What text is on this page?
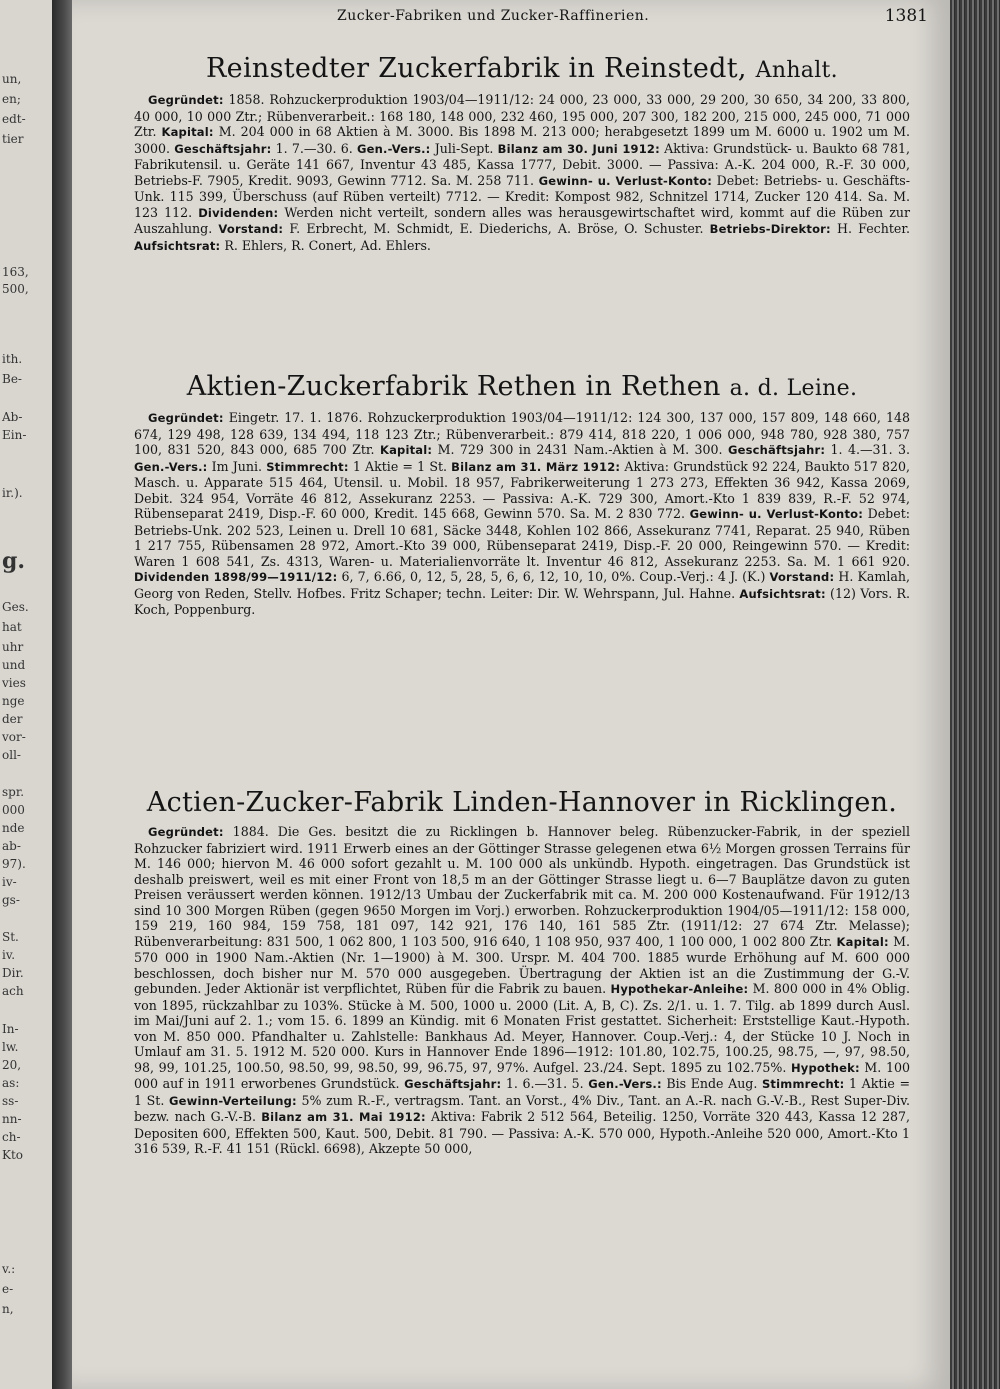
un,
en;
edt-
tier
163,
500,
ith.
Be-
Ab-
Ein-
ir.).
g.
Ges.
hat
uhr
und
vies
nge
der
vor-
oll-
spr.
000
nde
ab-
97).
iv-
gs-
St.
iv.
Dir.
ach
In-
lw.
20,
as:
ss-
nn-
ch-
Kto
v.:
e-
n,
Zucker-Fabriken und Zucker-Raffinerien.	1381
Reinstedter Zuckerfabrik in Reinstedt, Anhalt.

Gegründet: 1858. Rohzuckerproduktion 1903/04—1911/12: 24 000, 23 000, 33 000, 29 200, 30 650, 34 200, 33 800, 40 000, 10 000 Ztr.; Rübenverarbeit.: 168 180, 148 000, 232 460, 195 000, 207 300, 182 200, 215 000, 245 000, 71 000 Ztr. Kapital: M. 204 000 in 68 Aktien à M. 3000. Bis 1898 M. 213 000; herabgesetzt 1899 um M. 6000 u. 1902 um M. 3000. Geschäftsjahr: 1. 7.—30. 6. Gen.-Vers.: Juli-Sept. Bilanz am 30. Juni 1912: Aktiva: Grundstück- u. Baukto 68 781, Fabrikutensil. u. Geräte 141 667, Inventur 43 485, Kassa 1777, Debit. 3000. — Passiva: A.-K. 204 000, R.-F. 30 000, Betriebs-F. 7905, Kredit. 9093, Gewinn 7712. Sa. M. 258 711. Gewinn- u. Verlust-Konto: Debet: Betriebs- u. Geschäfts-Unk. 115 399, Überschuss (auf Rüben verteilt) 7712. — Kredit: Kompost 982, Schnitzel 1714, Zucker 120 414. Sa. M. 123 112. Dividenden: Werden nicht verteilt, sondern alles was herausgewirtschaftet wird, kommt auf die Rüben zur Auszahlung. Vorstand: F. Erbrecht, M. Schmidt, E. Diederichs, A. Bröse, O. Schuster. Betriebs-Direktor: H. Fechter. Aufsichtsrat: R. Ehlers, R. Conert, Ad. Ehlers.

Aktien-Zuckerfabrik Rethen in Rethen a. d. Leine.

Gegründet: Eingetr. 17. 1. 1876. Rohzuckerproduktion 1903/04—1911/12: 124 300, 137 000, 157 809, 148 660, 148 674, 129 498, 128 639, 134 494, 118 123 Ztr.; Rübenverarbeit.: 879 414, 818 220, 1 006 000, 948 780, 928 380, 757 100, 831 520, 843 000, 685 700 Ztr. Kapital: M. 729 300 in 2431 Nam.-Aktien à M. 300. Geschäftsjahr: 1. 4.—31. 3. Gen.-Vers.: Im Juni. Stimmrecht: 1 Aktie = 1 St. Bilanz am 31. März 1912: Aktiva: Grundstück 92 224, Baukto 517 820, Masch. u. Apparate 515 464, Utensil. u. Mobil. 18 957, Fabrikerweiterung 1 273 273, Effekten 36 942, Kassa 2069, Debit. 324 954, Vorräte 46 812, Assekuranz 2253. — Passiva: A.-K. 729 300, Amort.-Kto 1 839 839, R.-F. 52 974, Rübenseparat 2419, Disp.-F. 60 000, Kredit. 145 668, Gewinn 570. Sa. M. 2 830 772. Gewinn- u. Verlust-Konto: Debet: Betriebs-Unk. 202 523, Leinen u. Drell 10 681, Säcke 3448, Kohlen 102 866, Assekuranz 7741, Reparat. 25 940, Rüben 1 217 755, Rübensamen 28 972, Amort.-Kto 39 000, Rübenseparat 2419, Disp.-F. 20 000, Reingewinn 570. — Kredit: Waren 1 608 541, Zs. 4313, Waren- u. Materialienvorräte lt. Inventur 46 812, Assekuranz 2253. Sa. M. 1 661 920. Dividenden 1898/99—1911/12: 6, 7, 6.66, 0, 12, 5, 28, 5, 6, 6, 12, 10, 10, 0%. Coup.-Verj.: 4 J. (K.) Vorstand: H. Kamlah, Georg von Reden, Stellv. Hofbes. Fritz Schaper; techn. Leiter: Dir. W. Wehrspann, Jul. Hahne. Aufsichtsrat: (12) Vors. R. Koch, Poppenburg.

Actien-Zucker-Fabrik Linden-Hannover in Ricklingen.

Gegründet: 1884. Die Ges. besitzt die zu Ricklingen b. Hannover beleg. Rübenzucker-Fabrik, in der speziell Rohzucker fabriziert wird. 1911 Erwerb eines an der Göttinger Strasse gelegenen etwa 6½ Morgen grossen Terrains für M. 146 000; hiervon M. 46 000 sofort gezahlt u. M. 100 000 als unkündb. Hypoth. eingetragen. Das Grundstück ist deshalb preiswert, weil es mit einer Front von 18,5 m an der Göttinger Strasse liegt u. 6—7 Bauplätze davon zu guten Preisen veräussert werden können. 1912/13 Umbau der Zuckerfabrik mit ca. M. 200 000 Kostenaufwand. Für 1912/13 sind 10 300 Morgen Rüben (gegen 9650 Morgen im Vorj.) erworben. Rohzuckerproduktion 1904/05—1911/12: 158 000, 159 219, 160 984, 159 758, 181 097, 142 921, 176 140, 161 585 Ztr. (1911/12: 27 674 Ztr. Melasse); Rübenverarbeitung: 831 500, 1 062 800, 1 103 500, 916 640, 1 108 950, 937 400, 1 100 000, 1 002 800 Ztr. Kapital: M. 570 000 in 1900 Nam.-Aktien (Nr. 1—1900) à M. 300. Urspr. M. 404 700. 1885 wurde Erhöhung auf M. 600 000 beschlossen, doch bisher nur M. 570 000 ausgegeben. Übertragung der Aktien ist an die Zustimmung der G.-V. gebunden. Jeder Aktionär ist verpflichtet, Rüben für die Fabrik zu bauen. Hypothekar-Anleihe: M. 800 000 in 4% Oblig. von 1895, rückzahlbar zu 103%. Stücke à M. 500, 1000 u. 2000 (Lit. A, B, C). Zs. 2/1. u. 1. 7. Tilg. ab 1899 durch Ausl. im Mai/Juni auf 2. 1.; vom 15. 6. 1899 an Kündig. mit 6 Monaten Frist gestattet. Sicherheit: Erststellige Kaut.-Hypoth. von M. 850 000. Pfandhalter u. Zahlstelle: Bankhaus Ad. Meyer, Hannover. Coup.-Verj.: 4, der Stücke 10 J. Noch in Umlauf am 31. 5. 1912 M. 520 000. Kurs in Hannover Ende 1896—1912: 101.80, 102.75, 100.25, 98.75, —, 97, 98.50, 98, 99, 101.25, 100.50, 98.50, 99, 98.50, 99, 96.75, 97, 97%. Aufgel. 23./24. Sept. 1895 zu 102.75%. Hypothek: M. 100 000 auf in 1911 erworbenes Grundstück. Geschäftsjahr: 1. 6.—31. 5. Gen.-Vers.: Bis Ende Aug. Stimmrecht: 1 Aktie = 1 St. Gewinn-Verteilung: 5% zum R.-F., vertragsm. Tant. an Vorst., 4% Div., Tant. an A.-R. nach G.-V.-B., Rest Super-Div. bezw. nach G.-V.-B. Bilanz am 31. Mai 1912: Aktiva: Fabrik 2 512 564, Beteilig. 1250, Vorräte 320 443, Kassa 12 287, Depositen 600, Effekten 500, Kaut. 500, Debit. 81 790. — Passiva: A.-K. 570 000, Hypoth.-Anleihe 520 000, Amort.-Kto 1 316 539, R.-F. 41 151 (Rückl. 6698), Akzepte 50 000,
